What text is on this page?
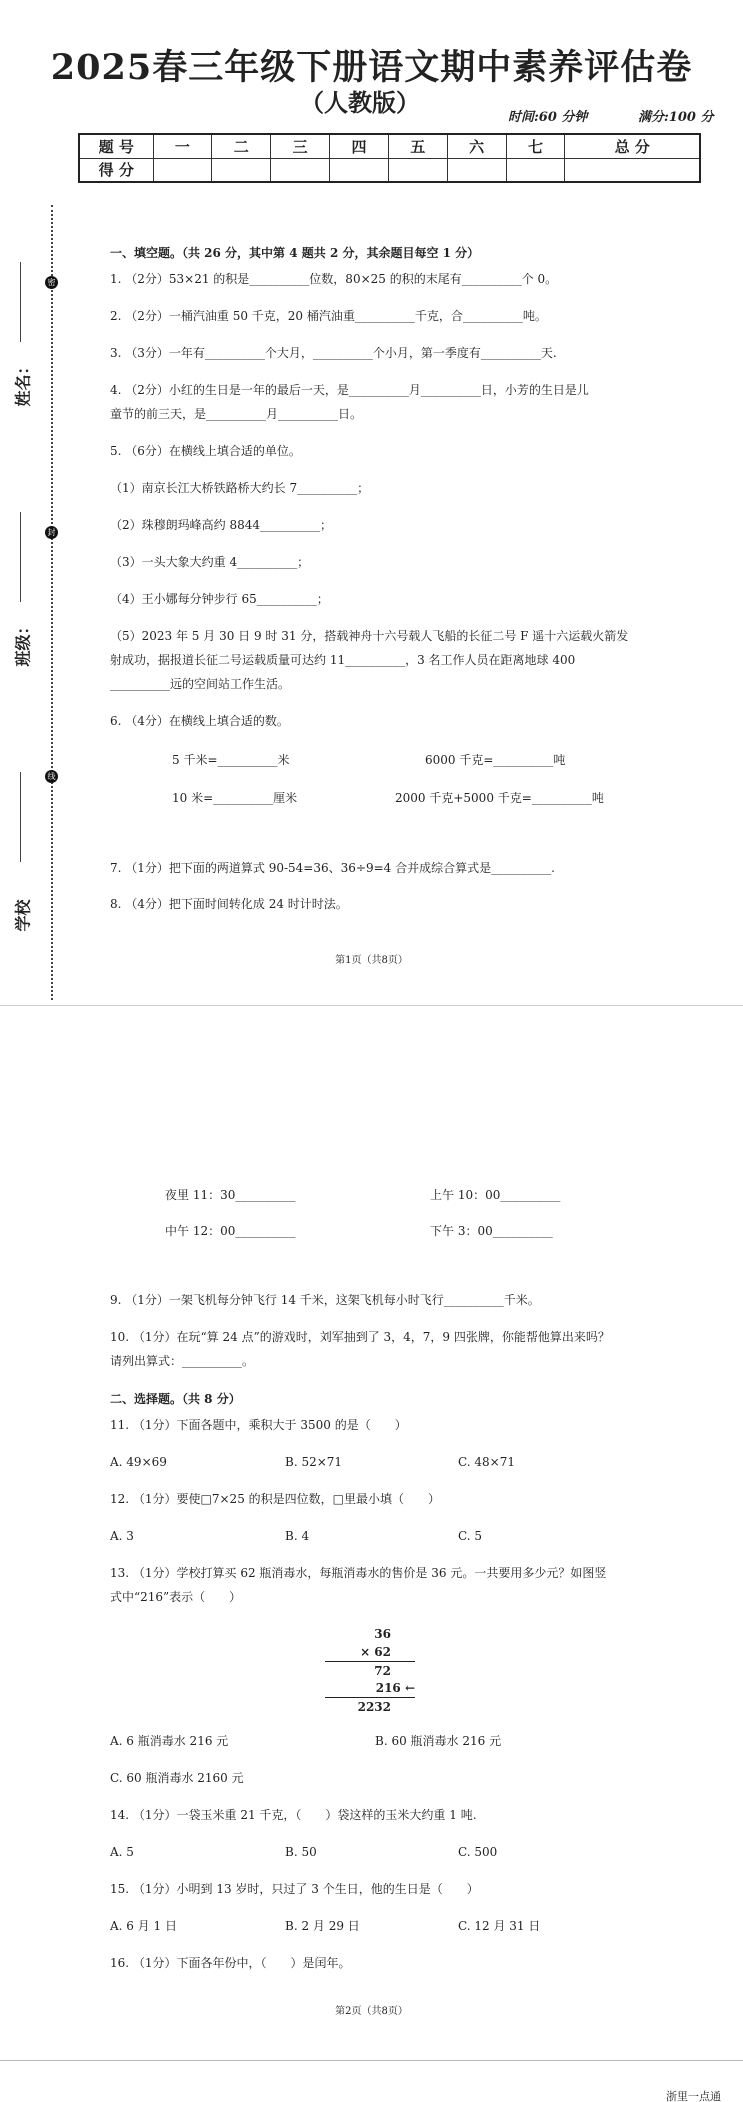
2025春三年级下册语文期中素养评估卷
（人教版）
时间:60 分钟	满分:100 分
题 号	一	二	三	四	五	六	七	总 分
得 分								
密
封
线
姓名：
班级：
学校
一、填空题。（共 26 分，其中第 4 题共 2 分，其余题目每空 1 分）
1. （2分）53×21 的积是__________位数，80×25 的积的末尾有__________个 0。
2. （2分）一桶汽油重 50 千克，20 桶汽油重__________千克，合__________吨。
3. （3分）一年有__________个大月，__________个小月，第一季度有__________天.
4. （2分）小红的生日是一年的最后一天，是__________月__________日，小芳的生日是儿
童节的前三天，是__________月__________日。
5. （6分）在横线上填合适的单位。
（1）南京长江大桥铁路桥大约长 7__________；
（2）珠穆朗玛峰高约 8844__________；
（3）一头大象大约重 4__________；
（4）王小娜每分钟步行 65__________；
（5）2023 年 5 月 30 日 9 时 31 分，搭载神舟十六号载人飞船的长征二号 F 遥十六运载火箭发
射成功，据报道长征二号运载质量可达约 11__________，3 名工作人员在距离地球 400
__________远的空间站工作生活。
6. （4分）在横线上填合适的数。
5 千米=__________米	6000 千克=__________吨
10 米=__________厘米	2000 千克+5000 千克=__________吨
7. （1分）把下面的两道算式 90-54=36、36÷9=4 合并成综合算式是__________.
8. （4分）把下面时间转化成 24 时计时法。
第1页（共8页）
夜里 11：30__________	上午 10：00__________
中午 12：00__________	下午 3：00__________
9. （1分）一架飞机每分钟飞行 14 千米，这架飞机每小时飞行__________千米。
10. （1分）在玩“算 24 点”的游戏时，刘军抽到了 3，4，7，9 四张牌，你能帮他算出来吗？
请列出算式：__________。
二、选择题。（共 8 分）
11. （1分）下面各题中，乘积大于 3500 的是（　　）
A. 49×69	B. 52×71	C. 48×71
12. （1分）要使□7×25 的积是四位数，□里最小填（　　）
A. 3	B. 4	C. 5
13. （1分）学校打算买 62 瓶消毒水，每瓶消毒水的售价是 36 元。一共要用多少元？如图竖
式中“216”表示（　　）
36
× 62
72
216 ←
2232
A. 6 瓶消毒水 216 元	B. 60 瓶消毒水 216 元
C. 60 瓶消毒水 2160 元
14. （1分）一袋玉米重 21 千克，（　　）袋这样的玉米大约重 1 吨.
A. 5	B. 50	C. 500
15. （1分）小明到 13 岁时，只过了 3 个生日，他的生日是（　　）
A. 6 月 1 日	B. 2 月 29 日	C. 12 月 31 日
16. （1分）下面各年份中，（　　）是闰年。
第2页（共8页）
浙里一点通
